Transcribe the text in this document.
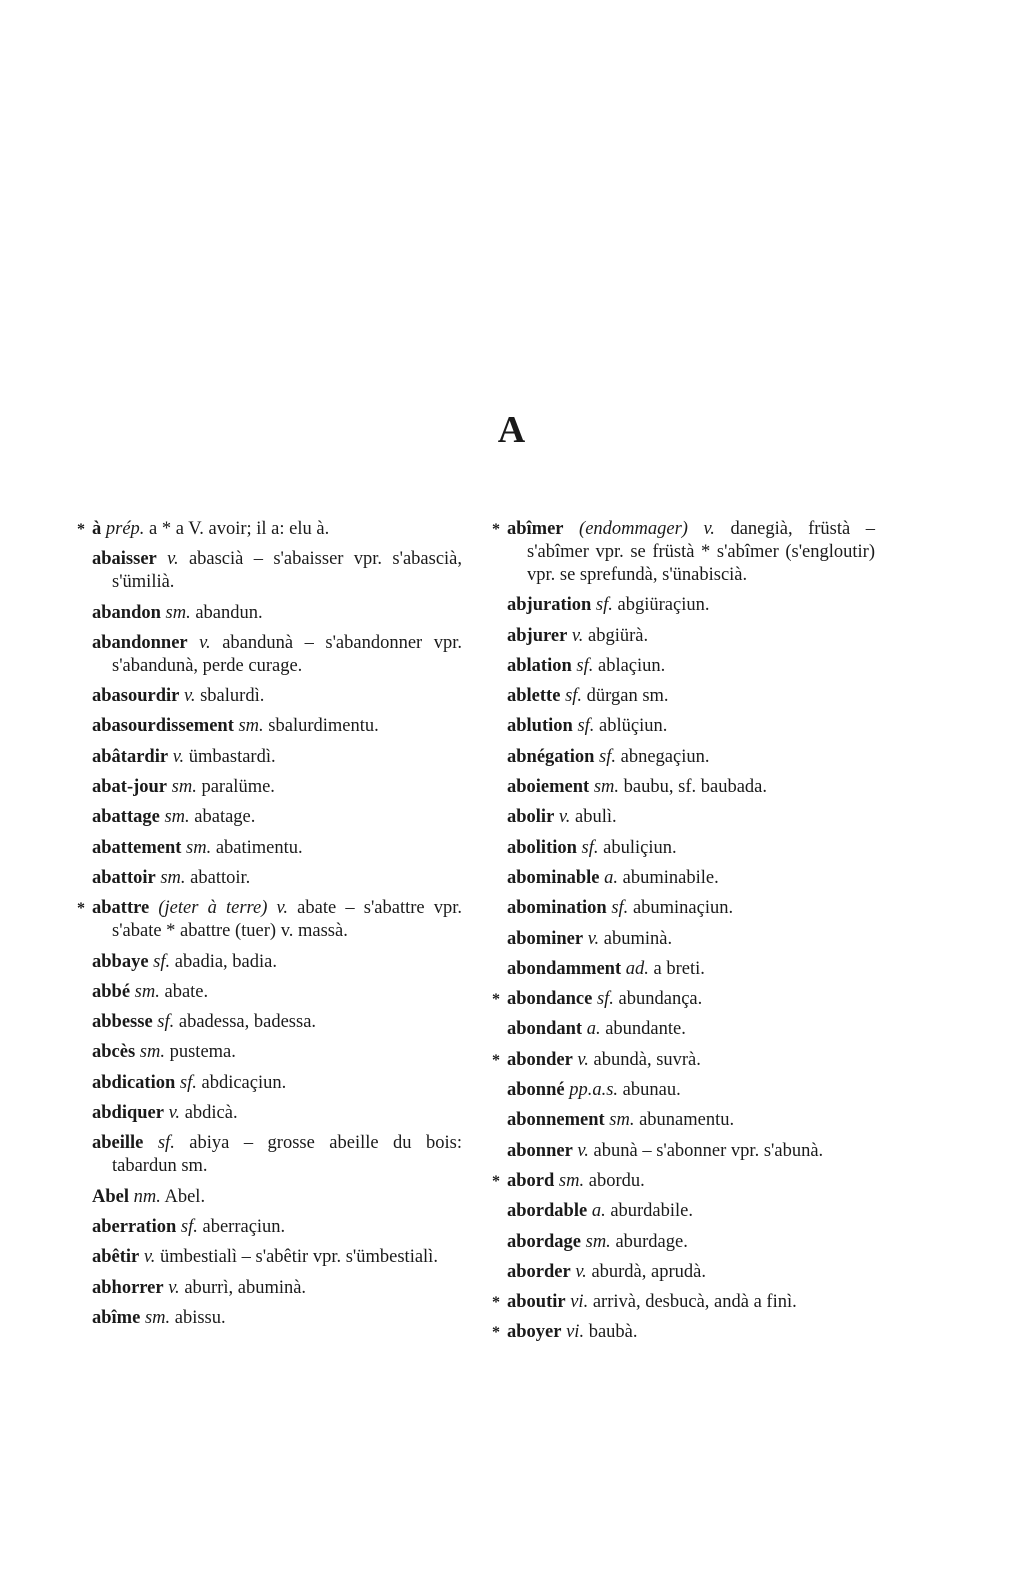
A
* à prép. a * a V. avoir; il a: elu à.
abaisser v. abascià – s'abaisser vpr. s'abascià, s'ümilià.
abandon sm. abandun.
abandonner v. abandunà – s'abandonner vpr. s'abandunà, perde curage.
abasourdir v. sbalurdì.
abasourdissement sm. sbalurdimentu.
abâtardir v. ümbastardì.
abat-jour sm. paralüme.
abattage sm. abatage.
abattement sm. abatimentu.
abattoir sm. abattoir.
* abattre (jeter à terre) v. abate – s'abattre vpr. s'abate * abattre (tuer) v. massà.
abbaye sf. abadia, badia.
abbé sm. abate.
abbesse sf. abadessa, badessa.
abcès sm. pustema.
abdication sf. abdicaçiun.
abdiquer v. abdicà.
abeille sf. abiya – grosse abeille du bois: tabardun sm.
Abel nm. Abel.
aberration sf. aberraçiun.
abêtir v. ümbestialì – s'abêtir vpr. s'ümbestialì.
abhorrer v. aburrì, abuminà.
abîme sm. abissu.
* abîmer (endommager) v. danegià, früstà – s'abîmer vpr. se früstà * s'abîmer (s'engloutir) vpr. se sprefundà, s'ünabiscià.
abjuration sf. abgiüraçiun.
abjurer v. abgiürà.
ablation sf. ablaçiun.
ablette sf. dürgan sm.
ablution sf. ablüçiun.
abnégation sf. abnegaçiun.
aboiement sm. baubu, sf. baubada.
abolir v. abulì.
abolition sf. abuliçiun.
abominable a. abuminabile.
abomination sf. abuminaçiun.
abominer v. abuminà.
abondamment ad. a breti.
* abondance sf. abundança.
abondant a. abundante.
* abonder v. abundà, suvrà.
abonné pp.a.s. abunau.
abonnement sm. abunamentu.
abonner v. abunà – s'abonner vpr. s'abunà.
* abord sm. abordu.
abordable a. aburdabile.
abordage sm. aburdage.
aborder v. aburdà, aprudà.
* aboutir vi. arrivà, desbucà, andà a finì.
* aboyer vi. baubà.
